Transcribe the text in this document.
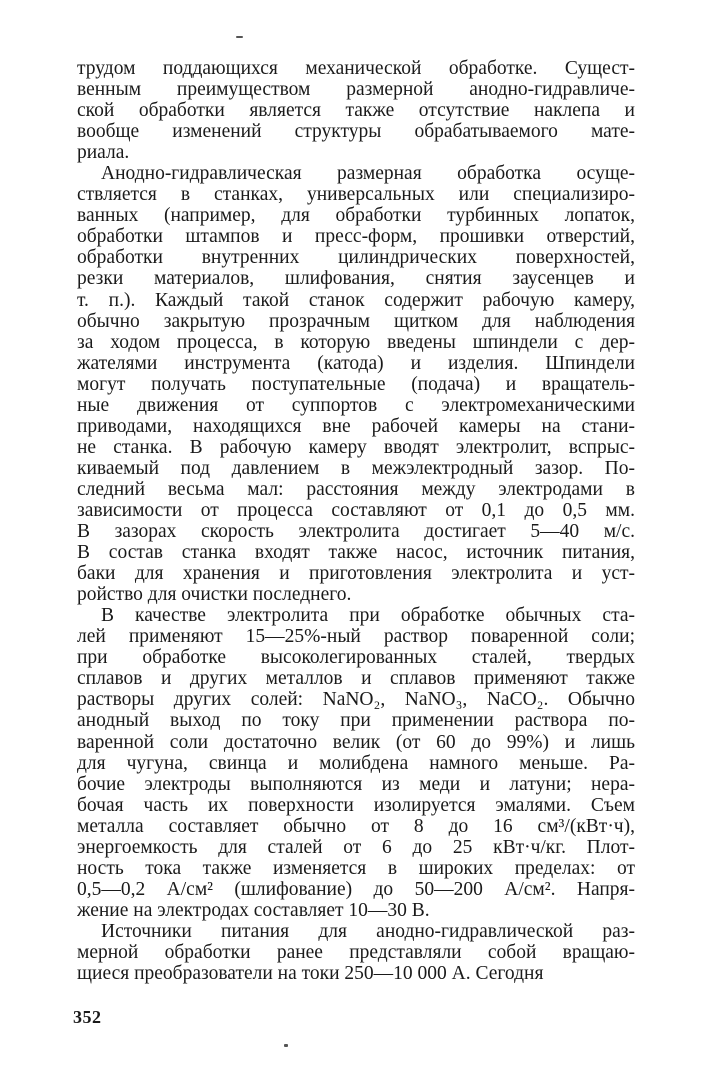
трудом поддающихся механической обработке. Сущест-
венным преимуществом размерной анодно-гидравличе-
ской обработки является также отсутствие наклепа и
вообще изменений структуры обрабатываемого мате-
риала.
Анодно-гидравлическая размерная обработка осуще-
ствляется в станках, универсальных или специализиро-
ванных (например, для обработки турбинных лопаток,
обработки штампов и пресс-форм, прошивки отверстий,
обработки внутренних цилиндрических поверхностей,
резки материалов, шлифования, снятия заусенцев и
т. п.). Каждый такой станок содержит рабочую камеру,
обычно закрытую прозрачным щитком для наблюдения
за ходом процесса, в которую введены шпиндели с дер-
жателями инструмента (катода) и изделия. Шпиндели
могут получать поступательные (подача) и вращатель-
ные движения от суппортов с электромеханическими
приводами, находящихся вне рабочей камеры на стани-
не станка. В рабочую камеру вводят электролит, вспрыс-
киваемый под давлением в межэлектродный зазор. По-
следний весьма мал: расстояния между электродами в
зависимости от процесса составляют от 0,1 до 0,5 мм.
В зазорах скорость электролита достигает 5—40 м/с.
В состав станка входят также насос, источник питания,
баки для хранения и приготовления электролита и уст-
ройство для очистки последнего.
В качестве электролита при обработке обычных ста-
лей применяют 15—25%-ный раствор поваренной соли;
при обработке высоколегированных сталей, твердых
сплавов и других металлов и сплавов применяют также
растворы других солей: NaNO₂, NaNO₃, NaCO₂. Обычно
анодный выход по току при применении раствора по-
варенной соли достаточно велик (от 60 до 99%) и лишь
для чугуна, свинца и молибдена намного меньше. Ра-
бочие электроды выполняются из меди и латуни; нера-
бочая часть их поверхности изолируется эмалями. Съем
металла составляет обычно от 8 до 16 см³/(кВт·ч),
энергоемкость для сталей от 6 до 25 кВт·ч/кг. Плот-
ность тока также изменяется в широких пределах: от
0,5—0,2 А/см² (шлифование) до 50—200 А/см². Напря-
жение на электродах составляет 10—30 В.
Источники питания для анодно-гидравлической раз-
мерной обработки ранее представляли собой вращаю-
щиеся преобразователи на токи 250—10 000 А. Сегодня
352
